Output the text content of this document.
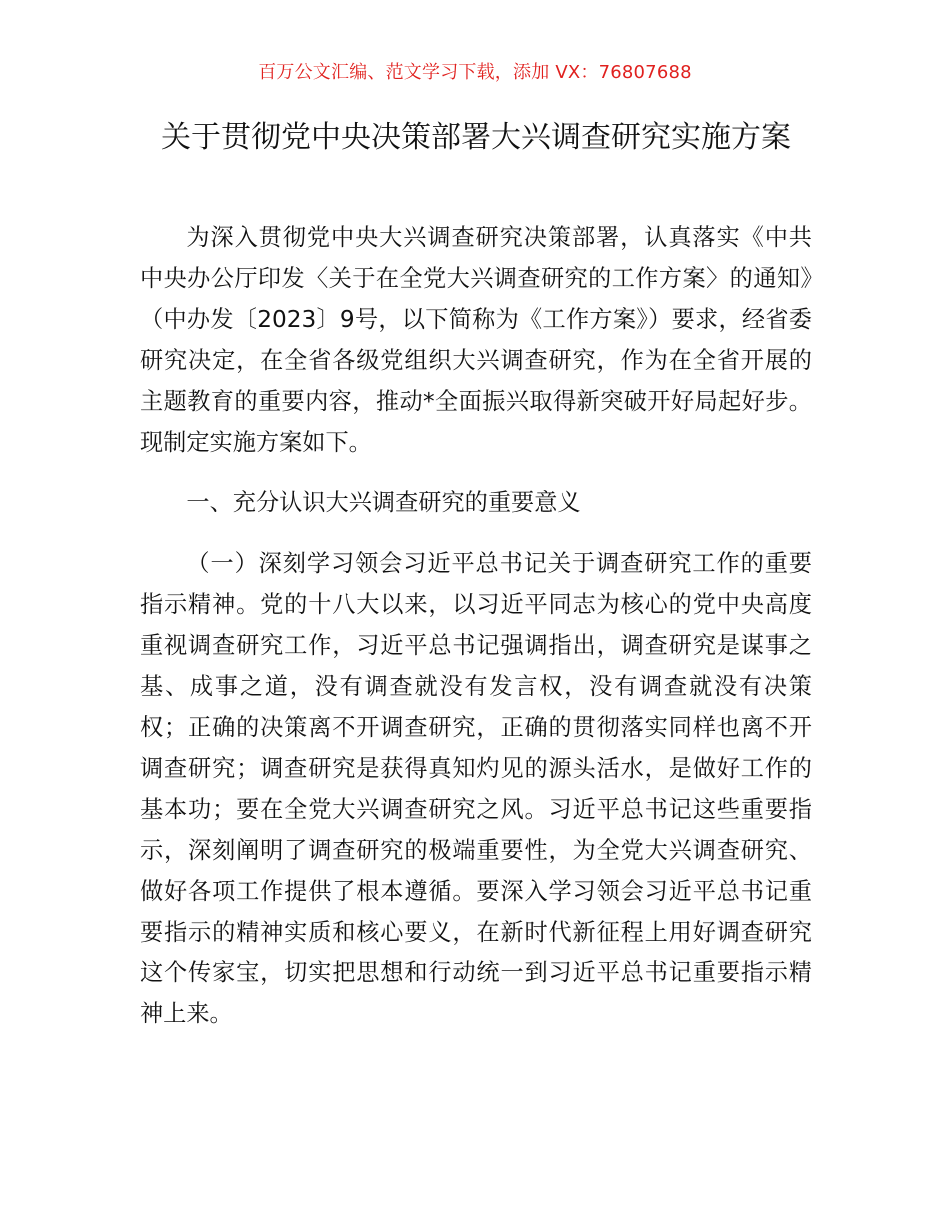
百万公文汇编、范文学习下载，添加 VX：76807688
关于贯彻党中央决策部署大兴调查研究实施方案

为深入贯彻党中央大兴调查研究决策部署，认真落实《中共中央办公厅印发〈关于在全党大兴调查研究的工作方案〉的通知》（中办发〔2023〕9号，以下简称为《工作方案》）要求，经省委研究决定，在全省各级党组织大兴调查研究，作为在全省开展的主题教育的重要内容，推动*全面振兴取得新突破开好局起好步。现制定实施方案如下。

一、充分认识大兴调查研究的重要意义

（一）深刻学习领会习近平总书记关于调查研究工作的重要指示精神。党的十八大以来，以习近平同志为核心的党中央高度重视调查研究工作，习近平总书记强调指出，调查研究是谋事之基、成事之道，没有调查就没有发言权，没有调查就没有决策权；正确的决策离不开调查研究，正确的贯彻落实同样也离不开调查研究；调查研究是获得真知灼见的源头活水，是做好工作的基本功；要在全党大兴调查研究之风。习近平总书记这些重要指示，深刻阐明了调查研究的极端重要性，为全党大兴调查研究、做好各项工作提供了根本遵循。要深入学习领会习近平总书记重要指示的精神实质和核心要义，在新时代新征程上用好调查研究这个传家宝，切实把思想和行动统一到习近平总书记重要指示精神上来。
